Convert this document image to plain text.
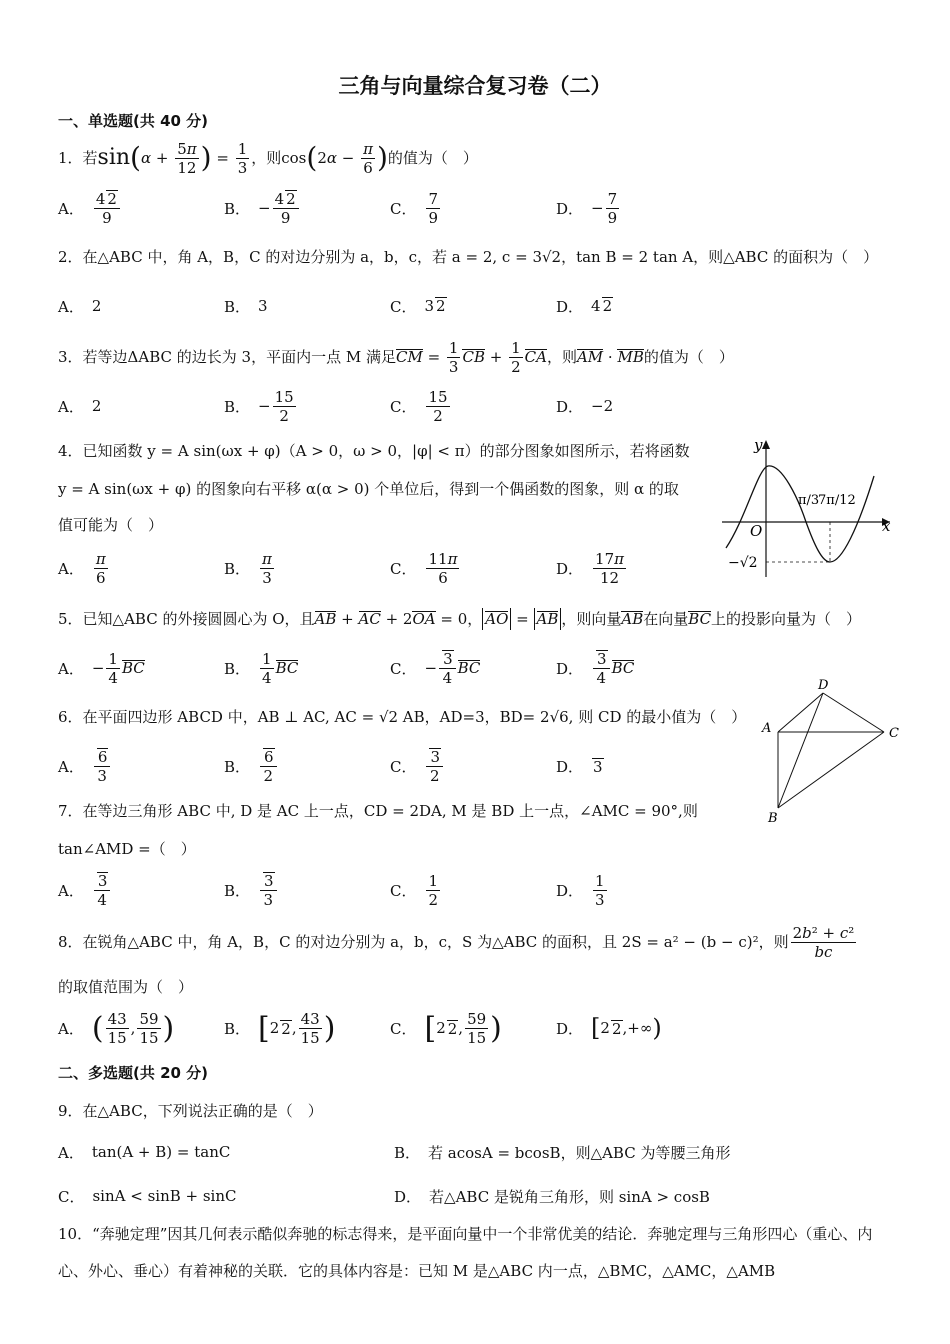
三角与向量综合复习卷（二）
一、单选题(共 40 分)
1．若 sin ( $\alpha + \frac{5\pi}{12}$ ) = $\frac{1}{3}$ ，则 cos ( 2 $\alpha - \frac{\pi}{6}$ ) 的值为（　）
A． $\frac{4 2}{9}$	B． − $\frac{4 2}{9}$	C． $\frac{7}{9}$	D． − $\frac{7}{9}$
2．在△ABC 中，角 A，B，C 的对边分别为 a，b，c，若 a = 2, c = 3√2，tan B = 2 tan A，则△ABC 的面积为（　）
A． 2	B． 3	C． 3 2	D． 4 2
3．若等边ΔABC 的边长为 3，平面内一点 M 满足 CM = $\frac{1}{3}$ CB + $\frac{1}{2}$ CA ，则 AM · MB 的值为（　）
A． 2	B． − $\frac{15}{2}$	C． $\frac{15}{2}$	D． −2
4．已知函数 y = A sin(ωx + φ)（A > 0，ω > 0，|φ| < π）的部分图象如图所示，若将函数
y = A sin(ωx + φ) 的图象向右平移 α(α > 0) 个单位后，得到一个偶函数的图象，则 α 的取
值可能为（　）
A． $\frac{\pi}{6}$	B． $\frac{\pi}{3}$	C． $\frac{11\pi}{6}$	D． $\frac{17\pi}{12}$
y
x
O
π/3
7π/12
−√2
5．已知△ABC 的外接圆圆心为 O，且 AB + AC + 2 OA = 0， AO = AB ，则向量 AB 在向量 BC 上的投影向量为（　）
A． − $\frac{1}{4}$ BC	B． $\frac{1}{4}$ BC	C． − $\frac{3}{4}$ BC	D． $\frac{3}{4}$ BC
D
A	C
B
6．在平面四边形 ABCD 中，AB ⊥ AC, AC = √2 AB，AD=3，BD= 2√6, 则 CD 的最小值为（　）
A． $\frac{6}{3}$	B． $\frac{6}{2}$	C． $\frac{3}{2}$	D． 3
7．在等边三角形 ABC 中, D 是 AC 上一点，CD = 2DA, M 是 BD 上一点，∠AMC = 90°,则
tan∠AMD =（　）
A． $\frac{3}{4}$	B． $\frac{3}{3}$	C． $\frac{1}{2}$	D． $\frac{1}{3}$
8．在锐角△ABC 中，角 A，B，C 的对边分别为 a，b，c，S 为△ABC 的面积，且 2S = a² − (b − c)²，则 $\frac{\text{2b² + c²}}{bc}$
的取值范围为（　）
A． ( $\frac{43}{15}$ , $\frac{59}{15}$ )	B． [ 2 2 , $\frac{43}{15}$ )	C． [ 2 2 , $\frac{59}{15}$ )	D． [ 2 2 ,+∞ )
二、多选题(共 20 分)
9．在△ABC，下列说法正确的是（　）
A． tan(A + B) = tanC	B． 若 acosA = bcosB，则△ABC 为等腰三角形
C． sinA < sinB + sinC	D． 若△ABC 是锐角三角形，则 sinA > cosB
10．“奔驰定理”因其几何表示酷似奔驰的标志得来，是平面向量中一个非常优美的结论．奔驰定理与三角形四心（重心、内心、外心、垂心）有着神秘的关联．它的具体内容是：已知 M 是△ABC 内一点，△BMC，△AMC，△AMB
